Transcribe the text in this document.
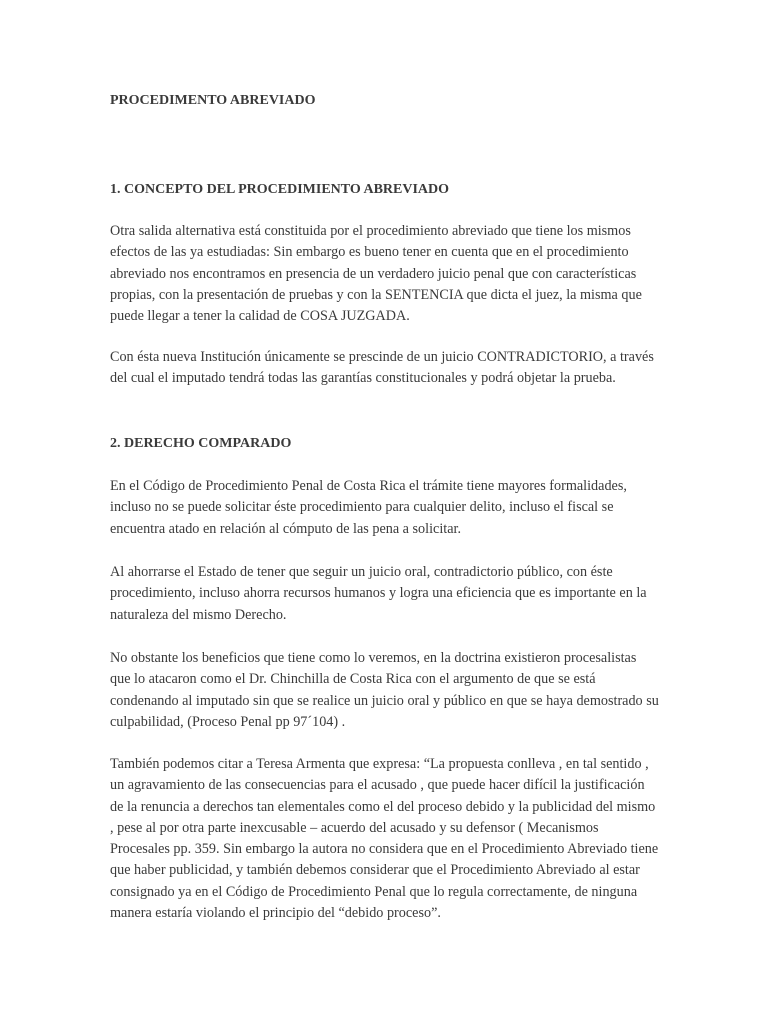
PROCEDIMENTO ABREVIADO
1. CONCEPTO DEL PROCEDIMIENTO ABREVIADO

Otra salida alternativa está constituida por el procedimiento abreviado que tiene los mismos efectos de las ya estudiadas: Sin embargo es bueno tener en cuenta que en el procedimiento abreviado nos encontramos en presencia de un verdadero juicio penal que con características propias, con la presentación de pruebas y con la SENTENCIA que dicta el juez, la misma que puede llegar a tener la calidad de COSA JUZGADA.

Con ésta nueva Institución únicamente se prescinde de un juicio CONTRADICTORIO, a través del cual el imputado tendrá todas las garantías constitucionales y podrá objetar la prueba.

2. DERECHO COMPARADO

En el Código de Procedimiento Penal de Costa Rica el trámite tiene mayores formalidades, incluso no se puede solicitar éste procedimiento para cualquier delito, incluso el fiscal se encuentra atado en relación al cómputo de las pena a solicitar.

Al ahorrarse el Estado de tener que seguir un juicio oral, contradictorio público, con éste procedimiento, incluso ahorra recursos humanos y logra una eficiencia que es importante en la naturaleza del mismo Derecho.

No obstante los beneficios que tiene como lo veremos, en la doctrina existieron procesalistas que lo atacaron como el Dr. Chinchilla de Costa Rica con el argumento de que se está condenando al imputado sin que se realice un juicio oral y público en que se haya demostrado su culpabilidad, (Proceso Penal pp 97´104) .

También podemos citar a Teresa Armenta que expresa: “La propuesta conlleva , en tal sentido , un agravamiento de las consecuencias para el acusado , que puede hacer difícil la justificación de la renuncia a derechos tan elementales como el del proceso debido y la publicidad del mismo , pese al por otra parte inexcusable – acuerdo del acusado y su defensor ( Mecanismos Procesales pp. 359. Sin embargo la autora no considera que en el Procedimiento Abreviado tiene que haber publicidad, y también debemos considerar que el Procedimiento Abreviado al estar consignado ya en el Código de Procedimiento Penal que lo regula correctamente, de ninguna manera estaría violando el principio del “debido proceso”.
